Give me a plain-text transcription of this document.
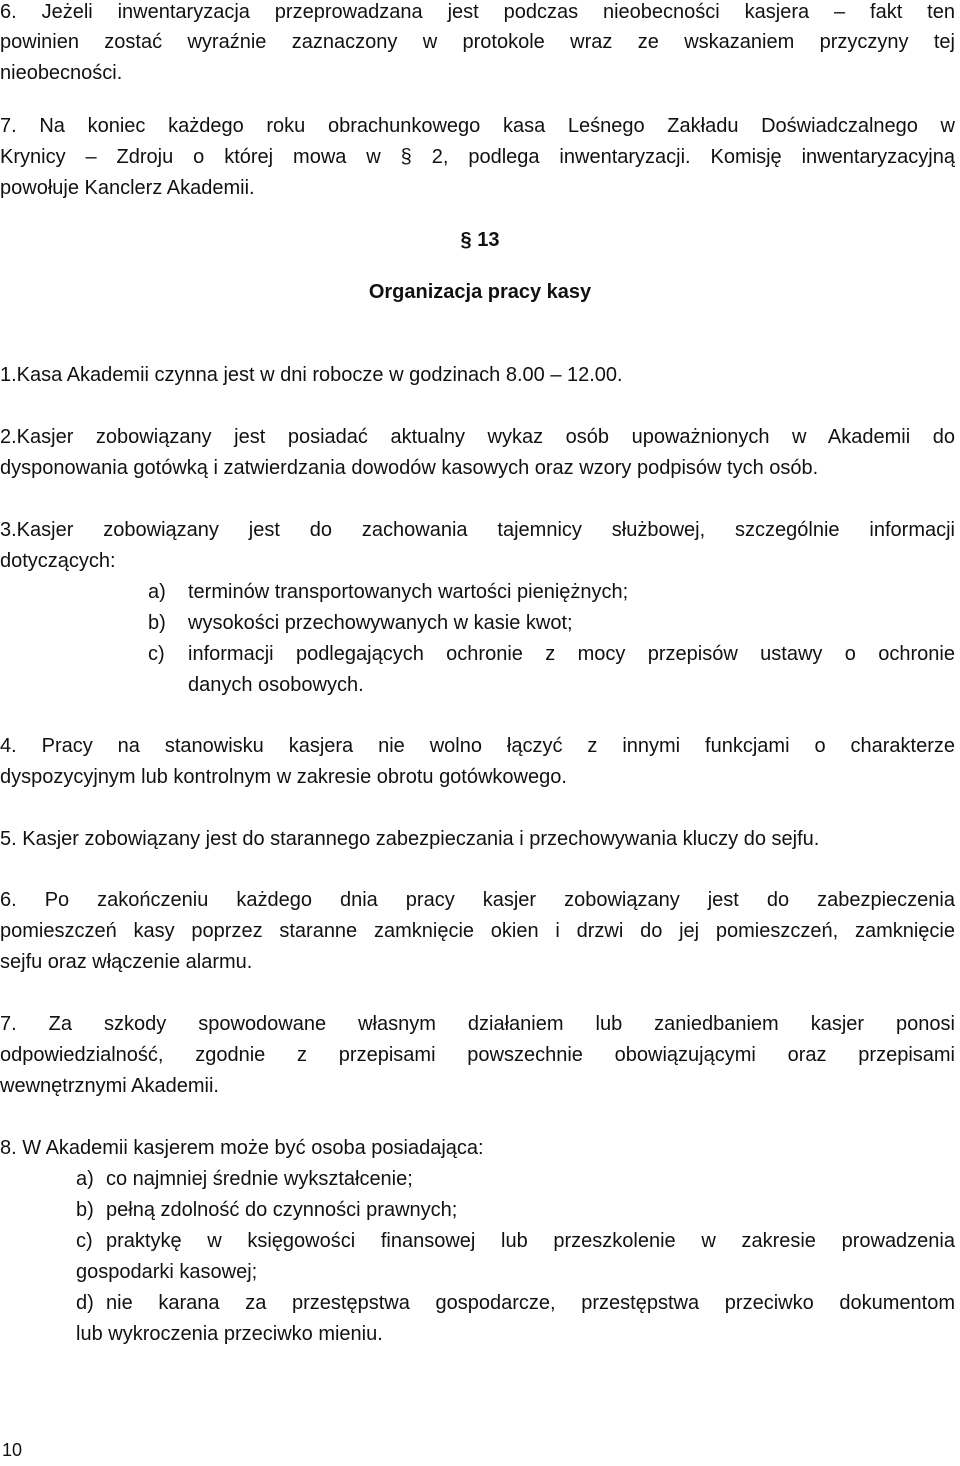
6. Jeżeli inwentaryzacja przeprowadzana jest podczas nieobecności kasjera – fakt ten
powinien zostać wyraźnie zaznaczony w protokole wraz ze wskazaniem przyczyny tej
nieobecności.
7. Na koniec każdego roku obrachunkowego kasa Leśnego Zakładu Doświadczalnego w
Krynicy – Zdroju o której mowa w § 2, podlega inwentaryzacji. Komisję inwentaryzacyjną
powołuje Kanclerz Akademii.
§ 13
Organizacja pracy kasy
1.Kasa Akademii czynna jest w dni robocze w godzinach 8.00 – 12.00.
2.Kasjer zobowiązany jest posiadać aktualny wykaz osób upoważnionych w Akademii do
dysponowania gotówką i zatwierdzania dowodów kasowych oraz wzory podpisów tych osób.
3.Kasjer zobowiązany jest do zachowania tajemnicy służbowej, szczególnie informacji
dotyczących:
a) terminów transportowanych wartości pieniężnych;
b) wysokości przechowywanych w kasie kwot;
c) informacji podlegających ochronie z mocy przepisów ustawy o ochronie
danych osobowych.
4. Pracy na stanowisku kasjera nie wolno łączyć z innymi funkcjami o charakterze
dyspozycyjnym lub kontrolnym w zakresie obrotu gotówkowego.
5. Kasjer zobowiązany jest do starannego zabezpieczania i przechowywania kluczy do sejfu.
6. Po zakończeniu każdego dnia pracy kasjer zobowiązany jest do zabezpieczenia
pomieszczeń kasy poprzez staranne zamknięcie okien i drzwi do jej pomieszczeń, zamknięcie
sejfu oraz włączenie alarmu.
7. Za szkody spowodowane własnym działaniem lub zaniedbaniem kasjer ponosi
odpowiedzialność, zgodnie z przepisami powszechnie obowiązującymi oraz przepisami
wewnętrznymi Akademii.
8. W Akademii kasjerem może być osoba posiadająca:
a) co najmniej średnie wykształcenie;
b) pełną zdolność do czynności prawnych;
c) praktykę w księgowości finansowej lub przeszkolenie w zakresie prowadzenia
gospodarki kasowej;
d) nie karana za przestępstwa gospodarcze, przestępstwa przeciwko dokumentom
lub wykroczenia przeciwko mieniu.
10
